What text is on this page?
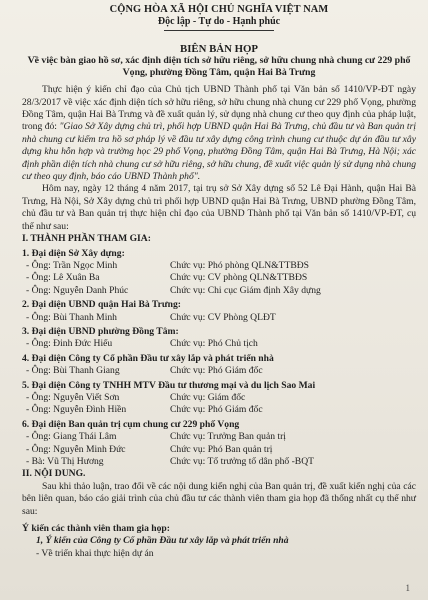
CỘNG HÒA XÃ HỘI CHỦ NGHĨA VIỆT NAM
Độc lập - Tự do - Hạnh phúc
BIÊN BẢN HỌP
Về việc bàn giao hồ sơ, xác định diện tích sở hữu riêng, sở hữu chung nhà chung cư 229 phố Vọng, phường Đồng Tâm, quận Hai Bà Trưng

Thực hiện ý kiến chỉ đạo của Chủ tịch UBND Thành phố tại Văn bản số 1410/VP-ĐT ngày 28/3/2017 về việc xác định diện tích sở hữu riêng, sở hữu chung nhà chung cư 229 phố Vọng, phường Đồng Tâm, quận Hai Bà Trưng và đề xuất quản lý, sử dụng nhà chung cư theo quy định của pháp luật, trong đó: "Giao Sở Xây dựng chủ trì, phối hợp UBND quận Hai Bà Trưng, chủ đầu tư và Ban quản trị nhà chung cư kiểm tra hồ sơ pháp lý về đầu tư xây dựng công trình chung cư thuộc dự án đầu tư xây dựng khu hỗn hợp và trường học 29 phố Vọng, phường Đồng Tâm, quận Hai Bà Trưng, Hà Nội; xác định phần diện tích nhà chung cư sở hữu riêng, sở hữu chung, đề xuất việc quản lý sử dụng nhà chung cư theo quy định, báo cáo UBND Thành phố".

Hôm nay, ngày 12 tháng 4 năm 2017, tại trụ sở Sở Xây dựng số 52 Lê Đại Hành, quận Hai Bà Trưng, Hà Nội, Sở Xây dựng chủ trì phối hợp UBND quận Hai Bà Trưng, UBND phường Đồng Tâm, chủ đầu tư và Ban quản trị thực hiện chỉ đạo của UBND Thành phố tại Văn bản số 1410/VP-ĐT, cụ thể như sau:

I. THÀNH PHẦN THAM GIA:

1. Đại diện Sở Xây dựng:

- Ông: Trần Ngọc Minh	Chức vụ: Phó phòng QLN&TTBĐS
- Ông: Lê Xuân Ba	Chức vụ: CV phòng QLN&TTBĐS
- Ông: Nguyễn Danh Phúc	Chức vụ: Chi cục Giám định Xây dựng

2. Đại diện UBND quận Hai Bà Trưng:

- Ông: Bùi Thanh Minh	Chức vụ: CV Phòng QLĐT

3. Đại diện UBND phường Đồng Tâm:

- Ông: Đinh Đức Hiếu	Chức vụ: Phó Chủ tịch

4. Đại diện Công ty Cổ phần Đầu tư xây lắp và phát triển nhà

- Ông: Bùi Thanh Giang	Chức vụ: Phó Giám đốc

5. Đại diện Công ty TNHH MTV Đầu tư thương mại và du lịch Sao Mai

- Ông: Nguyễn Viết Sơn	Chức vụ: Giám đốc
- Ông: Nguyễn Đình Hiền	Chức vụ: Phó Giám đốc

6. Đại diện Ban quản trị cụm chung cư 229 phố Vọng

- Ông: Giang Thái Lâm	Chức vụ: Trưởng Ban quản trị
- Ông: Nguyễn Minh Đức	Chức vụ: Phó Ban quản trị
- Bà: Vũ Thị Hương	Chức vụ: Tổ trưởng tổ dân phố -BQT

II. NỘI DUNG.

Sau khi thảo luận, trao đổi về các nội dung kiến nghị của Ban quản trị, đề xuất kiến nghị của các bên liên quan, báo cáo giải trình của chủ đầu tư các thành viên tham gia họp đã thống nhất cụ thể như sau:

Ý kiến các thành viên tham gia họp:

1, Ý kiến của Công ty Cổ phần Đầu tư xây lắp và phát triển nhà

- Về triển khai thực hiện dự án

1
